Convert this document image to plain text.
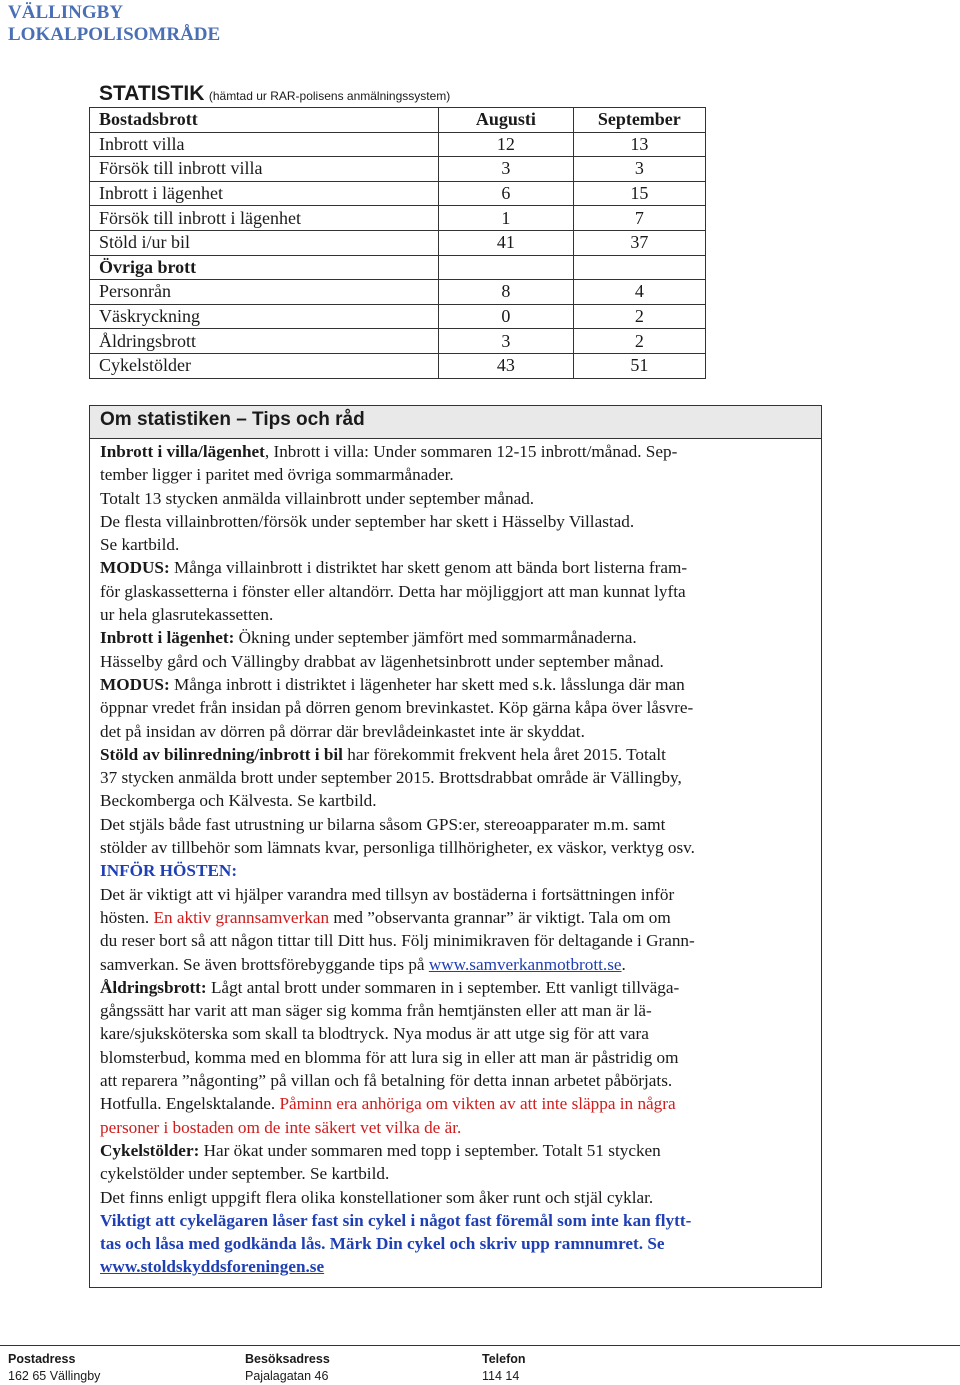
VÄLLINGBY
LOKALPOLISOMRÅDE
STATISTIK (hämtad ur RAR-polisens anmälningssystem)
Bostadsbrott	Augusti	September
Inbrott villa	12	13
Försök till inbrott villa	3	3
Inbrott i lägenhet	6	15
Försök till inbrott i lägenhet	1	7
Stöld i/ur bil	41	37
Övriga brott		
Personrån	8	4
Väskryckning	0	2
Åldringsbrott	3	2
Cykelstölder	43	51
Om statistiken – Tips och råd

Inbrott i villa/lägenhet, Inbrott i villa: Under sommaren 12-15 inbrott/månad. Sep-

tember ligger i paritet med övriga sommarmånader.

Totalt 13 stycken anmälda villainbrott under september månad.

De flesta villainbrotten/försök under september har skett i Hässelby Villastad.

Se kartbild.

MODUS: Många villainbrott i distriktet har skett genom att bända bort listerna fram-

för glaskassetterna i fönster eller altandörr. Detta har möjliggjort att man kunnat lyfta

ur hela glasrutekassetten.

Inbrott i lägenhet: Ökning under september jämfört med sommarmånaderna.

Hässelby gård och Vällingby drabbat av lägenhetsinbrott under september månad.

MODUS: Många inbrott i distriktet i lägenheter har skett med s.k. låsslunga där man

öppnar vredet från insidan på dörren genom brevinkastet. Köp gärna kåpa över låsvre-

det på insidan av dörren på dörrar där brevlådeinkastet inte är skyddat.

Stöld av bilinredning/inbrott i bil har förekommit frekvent hela året 2015. Totalt

37 stycken anmälda brott under september 2015. Brottsdrabbat område är Vällingby,

Beckomberga och Kälvesta. Se kartbild.

Det stjäls både fast utrustning ur bilarna såsom GPS:er, stereoapparater m.m. samt

stölder av tillbehör som lämnats kvar, personliga tillhörigheter, ex väskor, verktyg osv.

INFÖR HÖSTEN:

Det är viktigt att vi hjälper varandra med tillsyn av bostäderna i fortsättningen inför

hösten. En aktiv grannsamverkan med ”observanta grannar” är viktigt. Tala om om

du reser bort så att någon tittar till Ditt hus. Följ minimikraven för deltagande i Grann-

samverkan. Se även brottsförebyggande tips på www.samverkanmotbrott.se.

Åldringsbrott: Lågt antal brott under sommaren in i september. Ett vanligt tillväga-

gångssätt har varit att man säger sig komma från hemtjänsten eller att man är lä-

kare/sjuksköterska som skall ta blodtryck. Nya modus är att utge sig för att vara

blomsterbud, komma med en blomma för att lura sig in eller att man är påstridig om

att reparera ”någonting” på villan och få betalning för detta innan arbetet påbörjats.

Hotfulla. Engelsktalande. Påminn era anhöriga om vikten av att inte släppa in några

personer i bostaden om de inte säkert vet vilka de är.

Cykelstölder: Har ökat under sommaren med topp i september. Totalt 51 stycken

cykelstölder under september. Se kartbild.

Det finns enligt uppgift flera olika konstellationer som åker runt och stjäl cyklar.

Viktigt att cykelägaren låser fast sin cykel i något fast föremål som inte kan flytt-

tas och låsa med godkända lås. Märk Din cykel och skriv upp ramnumret. Se

www.stoldskyddsforeningen.se

Postadress
162 65 Vällingby
Besöksadress
Pajalagatan 46
Telefon
114 14
